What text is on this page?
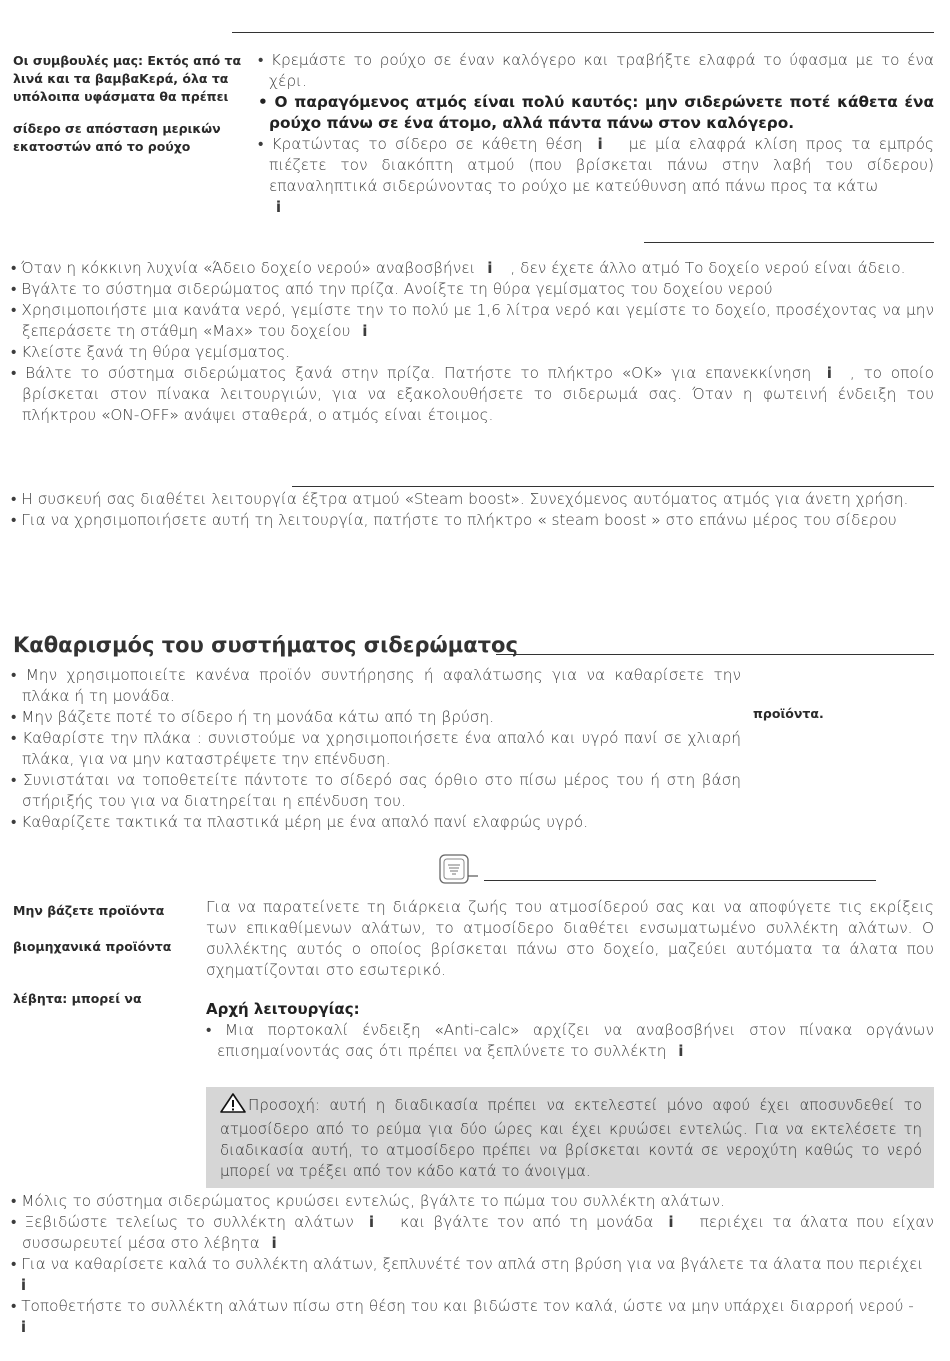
Οι συμβουλές μας: Εκτός από τα λινά και τα βαμβαΚερά, όλα τα υπόλοιπα υφάσματα θα πρέπει
σίδερο σε απόσταση μερικών εκατοστών από το ρούχο

• Κρεμάστε το ρούχο σε έναν καλόγερο και τραβήξτε ελαφρά το ύφασμα με το ένα χέρι.

• Ο παραγόμενος ατμός είναι πολύ καυτός: μην σιδερώνετε ποτέ κάθετα ένα ρούχο πάνω σε ένα άτομο, αλλά πάντα πάνω στον καλόγερο.

• Κρατώντας το σίδερο σε κάθετη θέση i με μία ελαφρά κλίση προς τα εμπρός πιέζετε τον διακόπτη ατμού (που βρίσκεται πάνω στην λαβή του σίδερου) επαναληπτικά σιδερώνοντας το ρούχο με κατεύθυνση από πάνω προς τα κάτω
i

• Όταν η κόκκινη λυχνία «Άδειο δοχείο νερού» αναβοσβήνει i , δεν έχετε άλλο ατμό Το δοχείο νερού είναι άδειο.

• Βγάλτε το σύστημα σιδερώματος από την πρίζα. Ανοίξτε τη θύρα γεμίσματος του δοχείου νερού

• Χρησιμοποιήστε μια κανάτα νερό, γεμίστε την το πολύ με 1,6 λίτρα νερό και γεμίστε το δοχείο, προσέχοντας να μην ξεπεράσετε τη στάθμη «Max» του δοχείου i

• Κλείστε ξανά τη θύρα γεμίσματος.

• Βάλτε το σύστημα σιδερώματος ξανά στην πρίζα. Πατήστε το πλήκτρο «ΟΚ» για επανεκκίνηση i , το οποίο βρίσκεται στον πίνακα λειτουργιών, για να εξακολουθήσετε το σιδερωμά σας. Όταν η φωτεινή ένδειξη του πλήκτρου «ON-OFF» ανάψει σταθερά, ο ατμός είναι έτοιμος.

• Η συσκευή σας διαθέτει λειτουργία έξτρα ατμού «Steam boost». Συνεχόμενος αυτόματος ατμός για άνετη χρήση.

• Για να χρησιμοποιήσετε αυτή τη λειτουργία, πατήστε το πλήκτρο « steam boost » στο επάνω μέρος του σίδερου

Καθαρισμός του συστήματος σιδερώματος

• Μην χρησιμοποιείτε κανένα προϊόν συντήρησης ή αφαλάτωσης για να καθαρίσετε την πλάκα ή τη μονάδα.

• Μην βάζετε ποτέ το σίδερο ή τη μονάδα κάτω από τη βρύση.

• Καθαρίστε την πλάκα : συνιστούμε να χρησιμοποιήσετε ένα απαλό και υγρό πανί σε χλιαρή πλάκα, για να μην καταστρέψετε την επένδυση.

• Συνιστάται να τοποθετείτε πάντοτε το σίδερό σας όρθιο στο πίσω μέρος του ή στη βάση στήριξής του για να διατηρείται η επένδυση του.

• Καθαρίζετε τακτικά τα πλαστικά μέρη με ένα απαλό πανί ελαφρώς υγρό.

προϊόντα.
Μην βάζετε προϊόντα
βιομηχανικά προϊόντα
λέβητα: μπορεί να

Για να παρατείνετε τη διάρκεια ζωής του ατμοσίδερού σας και να αποφύγετε τις εκρίξεις των επικαθίμενων αλάτων, το ατμοσίδερο διαθέτει ενσωματωμένο συλλέκτη αλάτων. Ο συλλέκτης αυτός ο οποίος βρίσκεται πάνω στο δοχείο, μαζεύει αυτόματα τα άλατα που σχηματίζονται στο εσωτερικό.

Αρχή λειτουργίας:

• Μια πορτοκαλί ένδειξη «Anti-calc» αρχίζει να αναβοσβήνει στον πίνακα οργάνων επισημαίνοντάς σας ότι πρέπει να ξεπλύνετε το συλλέκτη i

Προσοχή: αυτή η διαδικασία πρέπει να εκτελεστεί μόνο αφού έχει αποσυνδεθεί το ατμοσίδερο από το ρεύμα για δύο ώρες και έχει κρυώσει εντελώς. Για να εκτελέσετε τη διαδικασία αυτή, το ατμοσίδερο πρέπει να βρίσκεται κοντά σε νεροχύτη καθώς το νερό μπορεί να τρέξει από τον κάδο κατά το άνοιγμα.

• Μόλις το σύστημα σιδερώματος κρυώσει εντελώς, βγάλτε το πώμα του συλλέκτη αλάτων.

• Ξεβιδώστε τελείως το συλλέκτη αλάτων i και βγάλτε τον από τη μονάδα i περιέχει τα άλατα που είχαν συσσωρευτεί μέσα στο λέβητα i

• Για να καθαρίσετε καλά το συλλέκτη αλάτων, ξεπλυνέτέ τον απλά στη βρύση για να βγάλετε τα άλατα που περιέχει
i

• Τοποθετήστε το συλλέκτη αλάτων πίσω στη θέση του και βιδώστε τον καλά, ώστε να μην υπάρχει διαρροή νερού -
i
